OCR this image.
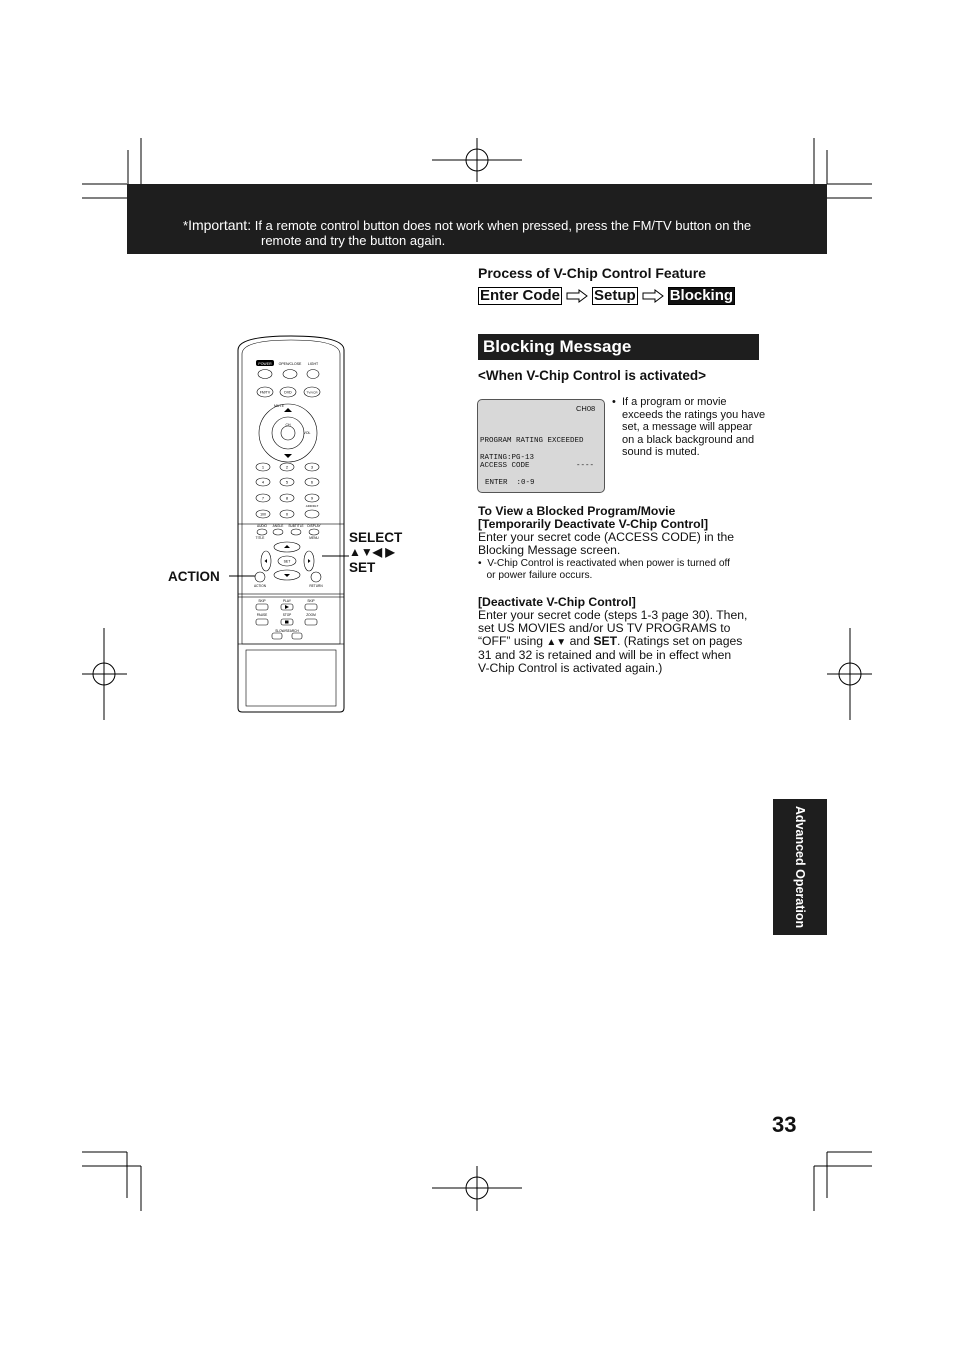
*Important: If a remote control button does not work when pressed, press the FM/TV button on the
remote and try the button again.
Process of V-Chip Control Feature
Enter Code Setup Blocking
Blocking Message
<When V-Chip Control is activated>
CH08
PROGRAM RATING EXCEEDED
RATING:PG-13
ACCESS CODE	----
ENTER  :0-9
•  If a program or movie exceeds the ratings you have set, a message will appear on a black background and sound is muted.
To View a Blocked Program/Movie
[Temporarily Deactivate V-Chip Control]
Enter your secret code (ACCESS CODE) in the
Blocking Message screen.
•  V-Chip Control is reactivated when power is turned off
or power failure occurs.
[Deactivate V-Chip Control]
Enter your secret code (steps 1-3 page 30). Then,
set US MOVIES and/or US TV PROGRAMS to
“OFF” using ▲▼ and SET. (Ratings set on pages
31 and 32 is retained and will be in effect when
V-Chip Control is activated again.)
POWER OPEN/CLOSE LIGHT
FM/TV	DVD	TV/VCR
MUTE
CH
VOL
1	2	3
4	5	6
7	8	9
100	0
ADD/DLT
AUDIO ANGLE SUBTITLE DISPLAY
TITLE	MENU
ACTION	RETURN
SET
SKIP	PLAY	SKIP
PAUSE	STOP	ZOOM
SLOW/SEARCH
SELECT
▲▼◀ ▶
SET
ACTION
Advanced Operation
33
